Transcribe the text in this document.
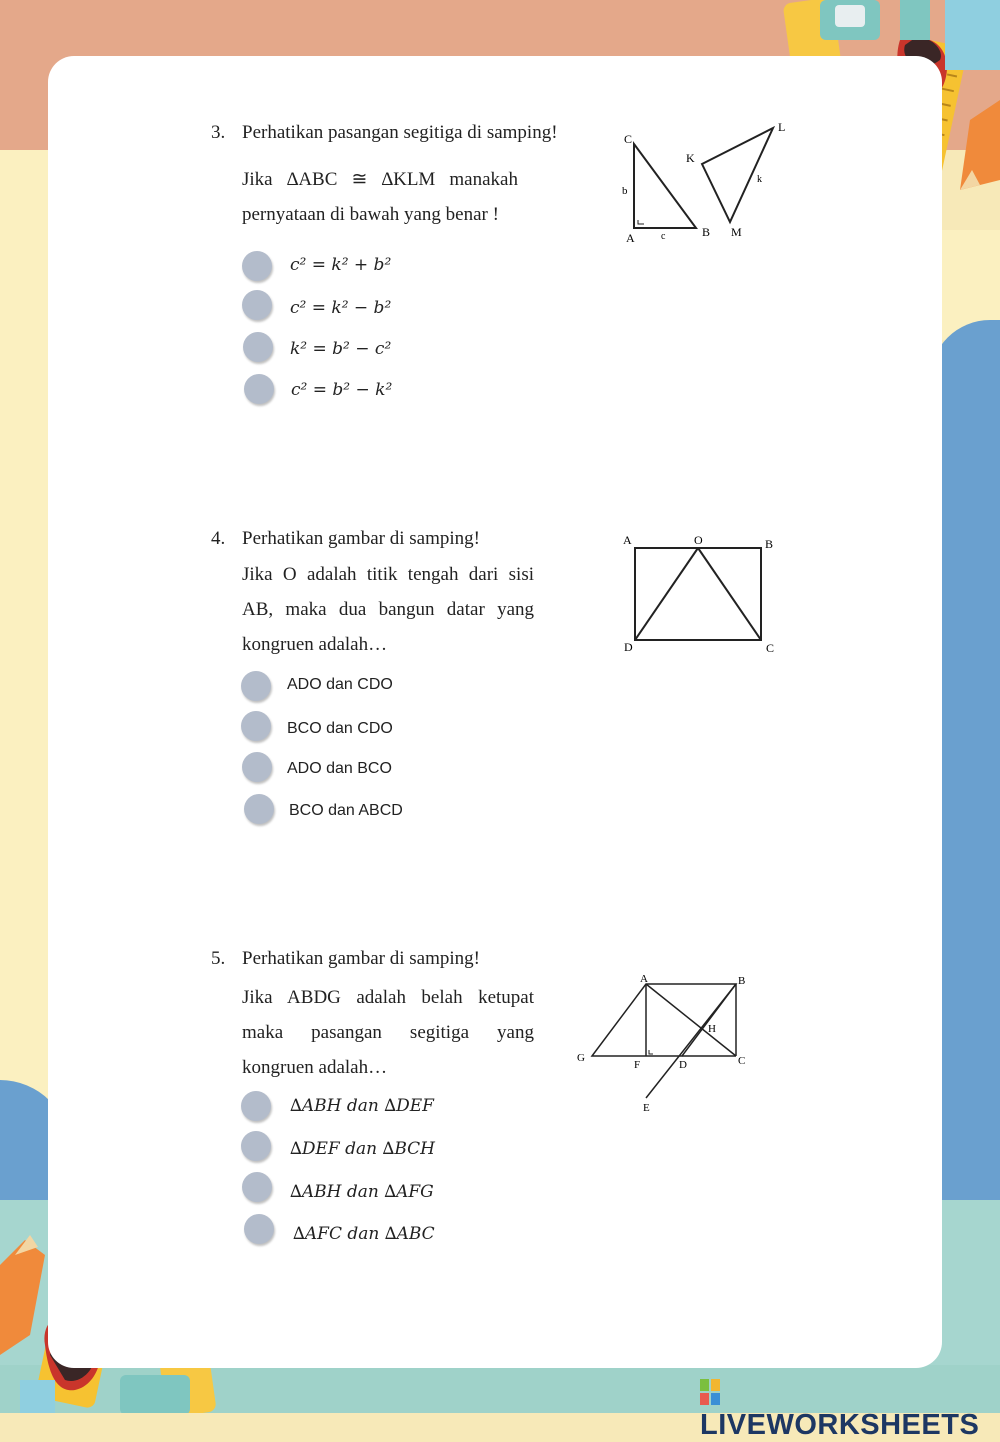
3. Perhatikan pasangan segitiga di samping!
Jika ∆ABC ≅ ∆KLM manakah pernyataan di bawah yang benar !
C
b
A	c	B
K
L
k
M
c² = k² + b²
c² = k² − b²
k² = b² − c²
c² = b² − k²
4. Perhatikan gambar di samping!
Jika O adalah titik tengah dari sisi AB, maka dua bangun datar yang kongruen adalah…
A	O	B
D	C
ADO dan CDO
BCO dan CDO
ADO dan BCO
BCO dan ABCD
5. Perhatikan gambar di samping!
Jika ABDG adalah belah ketupat maka pasangan segitiga yang kongruen adalah…
A	B
H
G
F	D	C
E
∆ABH dan ∆DEF
∆DEF dan ∆BCH
∆ABH dan ∆AFG
∆AFC dan ∆ABC
LIVEWORKSHEETS
